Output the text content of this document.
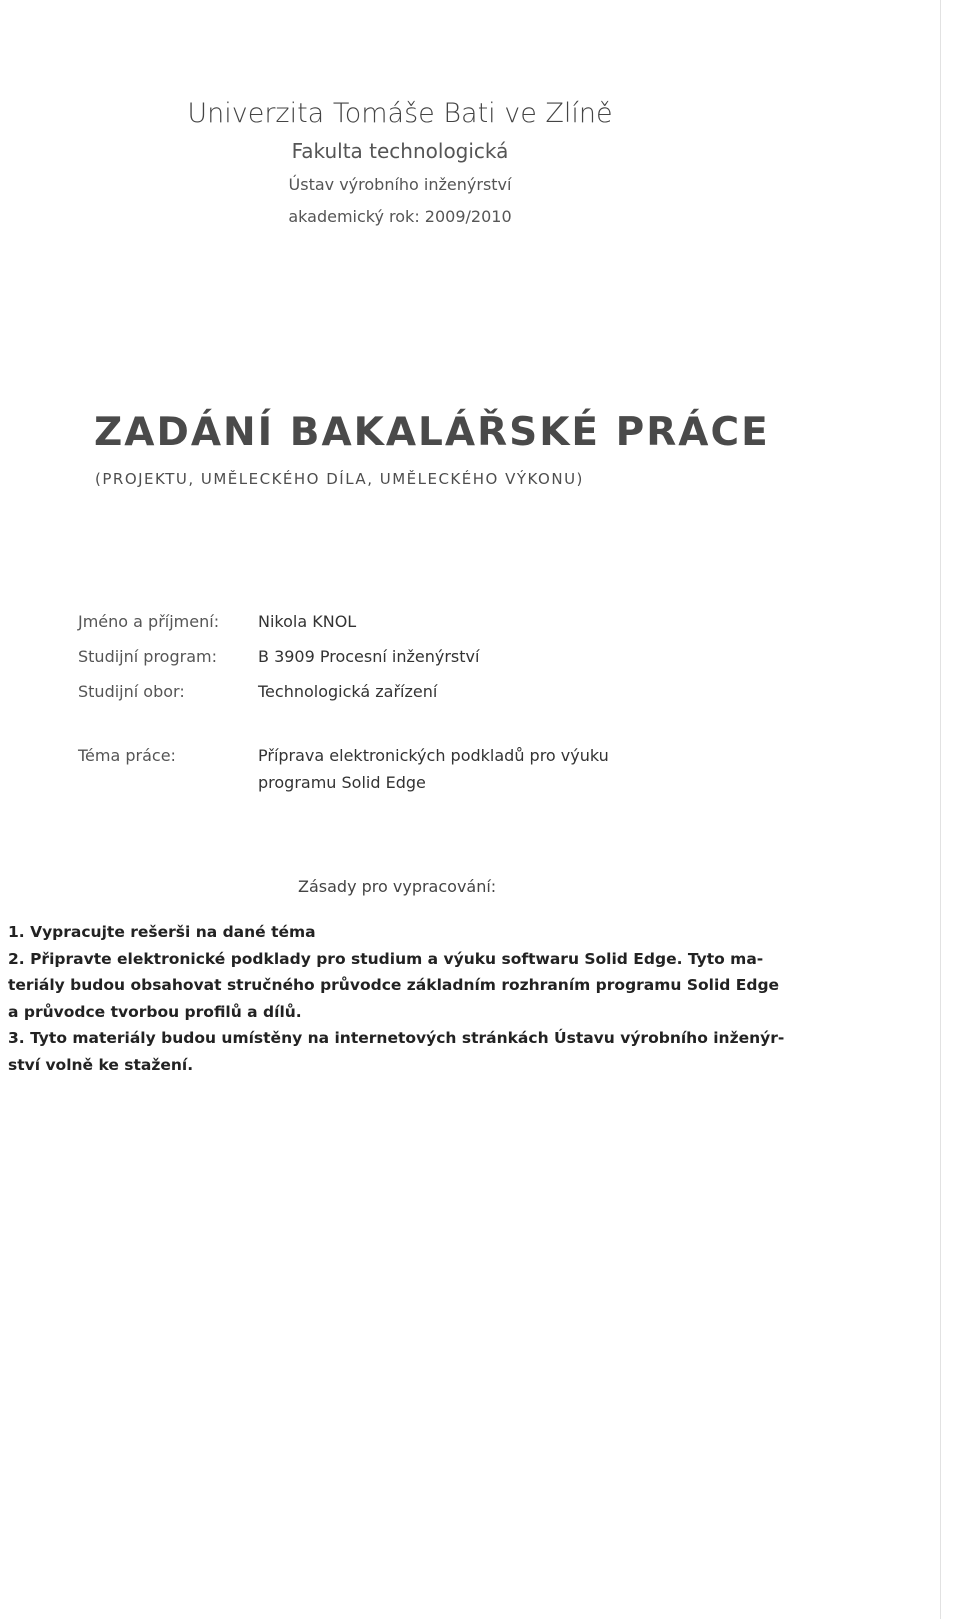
Univerzita Tomáše Bati ve Zlíně
Fakulta technologická
Ústav výrobního inženýrství
akademický rok: 2009/2010
ZADÁNÍ BAKALÁŘSKÉ PRÁCE
(PROJEKTU, UMĚLECKÉHO DÍLA, UMĚLECKÉHO VÝKONU)
Jméno a příjmení:	Nikola KNOL
Studijní program:	B 3909 Procesní inženýrství
Studijní obor:	Technologická zařízení
Téma práce:	Příprava elektronických podkladů pro výuku
programu Solid Edge
Zásady pro vypracování:

1. Vypracujte rešerši na dané téma

2. Připravte elektronické podklady pro studium a výuku softwaru Solid Edge. Tyto ma-

teriály budou obsahovat stručného průvodce základním rozhraním programu Solid Edge

a průvodce tvorbou profilů a dílů.

3. Tyto materiály budou umístěny na internetových stránkách Ústavu výrobního inženýr-

ství volně ke stažení.
